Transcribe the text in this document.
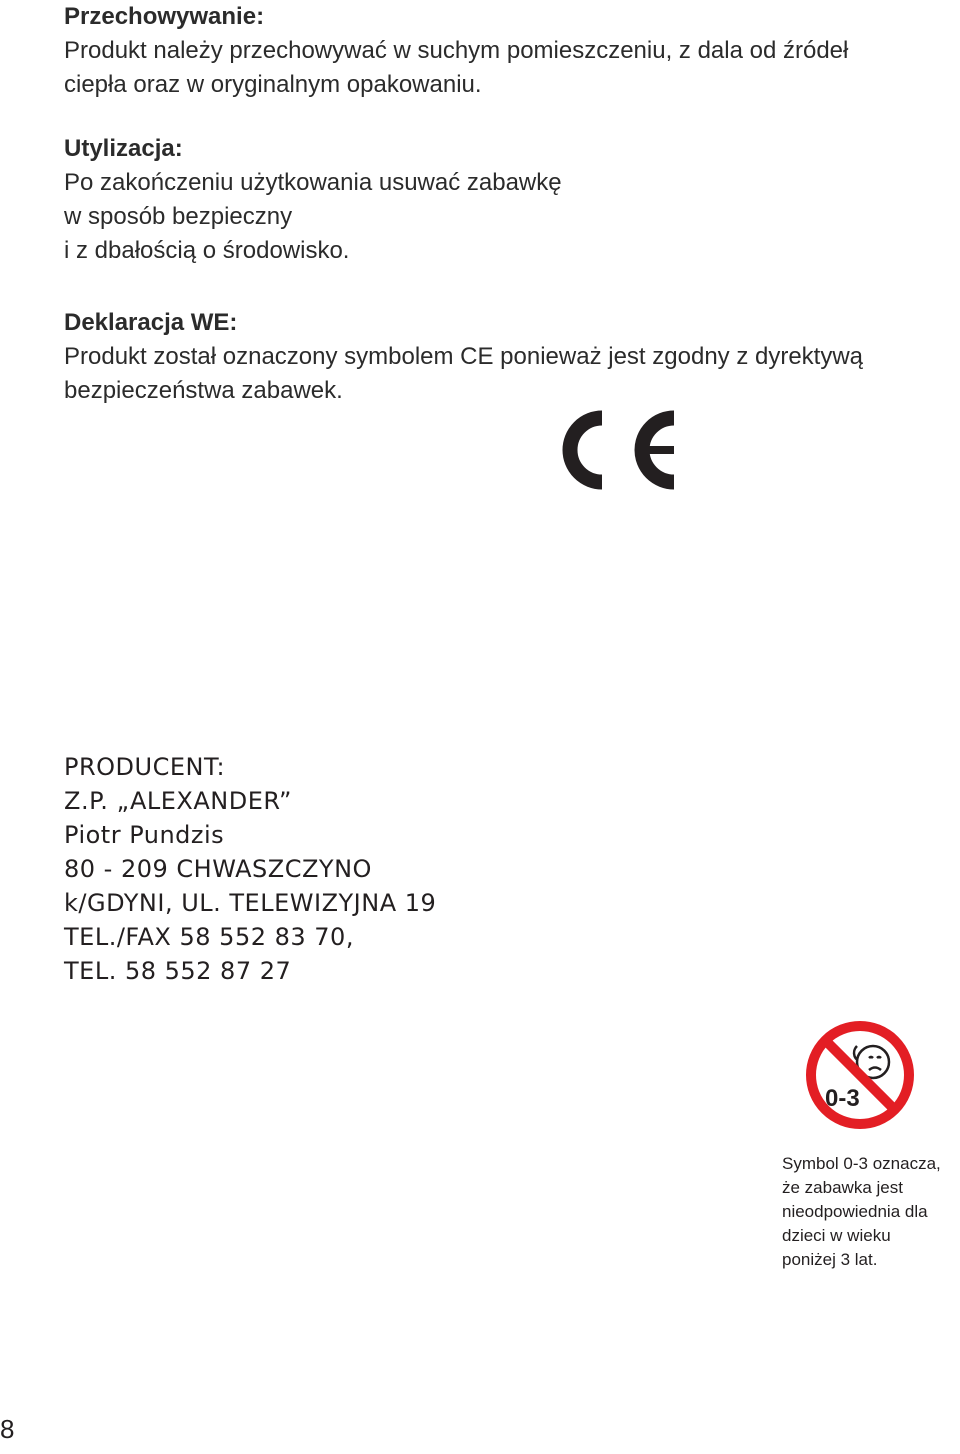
Przechowywanie:
Produkt należy przechowywać w suchym pomieszczeniu, z dala od źródeł
ciepła oraz w oryginalnym opakowaniu.
Utylizacja:
Po zakończeniu użytkowania usuwać zabawkę
w sposób bezpieczny
i z dbałością o środowisko.
Deklaracja WE:
Produkt został oznaczony symbolem CE ponieważ jest zgodny z dyrektywą
bezpieczeństwa zabawek.
PRODUCENT:
Z.P. „ALEXANDER”
Piotr Pundzis
80 - 209 CHWASZCZYNO
k/GDYNI, UL. TELEWIZYJNA 19
TEL./FAX 58 552 83 70,
TEL. 58 552 87 27
0-3
Symbol 0-3 oznacza,
że zabawka jest
nieodpowiednia dla
dzieci w wieku
poniżej 3 lat.
8
